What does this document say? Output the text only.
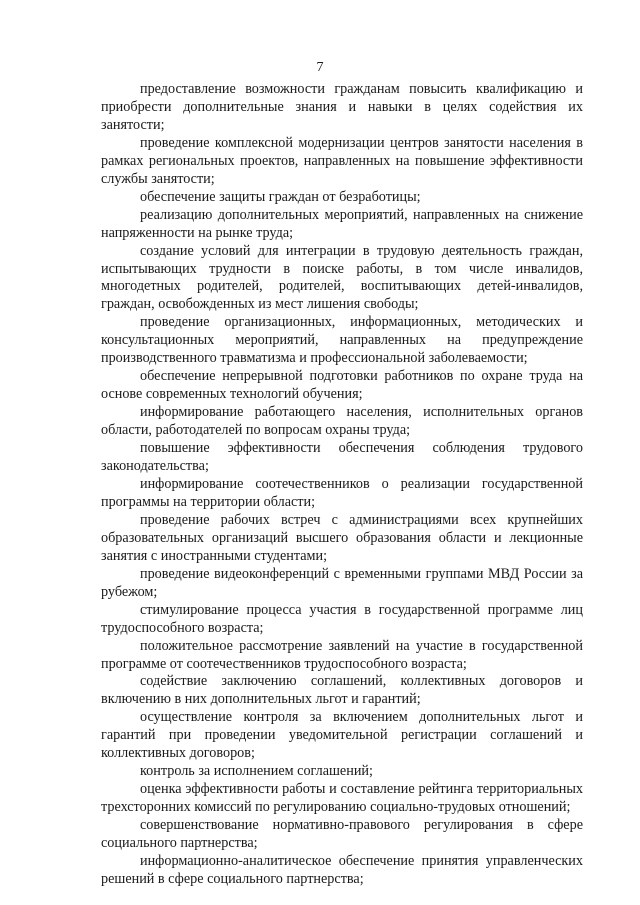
7

предоставление возможности гражданам повысить квалификацию и приобрести дополнительные знания и навыки в целях содействия их занятости;

проведение комплексной модернизации центров занятости населения в рамках региональных проектов, направленных на повышение эффективности службы занятости;

обеспечение защиты граждан от безработицы;

реализацию дополнительных мероприятий, направленных на снижение напряженности на рынке труда;

создание условий для интеграции в трудовую деятельность граждан, испытывающих трудности в поиске работы, в том числе инвалидов, многодетных родителей, родителей, воспитывающих детей-инвалидов, граждан, освобожденных из мест лишения свободы;

проведение организационных, информационных, методических и консультационных мероприятий, направленных на предупреждение производственного травматизма и профессиональной заболеваемости;

обеспечение непрерывной подготовки работников по охране труда на основе современных технологий обучения;

информирование работающего населения, исполнительных органов области, работодателей по вопросам охраны труда;

повышение эффективности обеспечения соблюдения трудового законодательства;

информирование соотечественников о реализации государственной программы на территории области;

проведение рабочих встреч с администрациями всех крупнейших образовательных организаций высшего образования области и лекционные занятия с иностранными студентами;

проведение видеоконференций с временными группами МВД России за рубежом;

стимулирование процесса участия в государственной программе лиц трудоспособного возраста;

положительное рассмотрение заявлений на участие в государственной программе от соотечественников трудоспособного возраста;

содействие заключению соглашений, коллективных договоров и включению в них дополнительных льгот и гарантий;

осуществление контроля за включением дополнительных льгот и гарантий при проведении уведомительной регистрации соглашений и коллективных договоров;

контроль за исполнением соглашений;

оценка эффективности работы и составление рейтинга территориальных трехсторонних комиссий по регулированию социально-трудовых отношений;

совершенствование нормативно-правового регулирования в сфере социального партнерства;

информационно-аналитическое обеспечение принятия управленческих решений в сфере социального партнерства;
